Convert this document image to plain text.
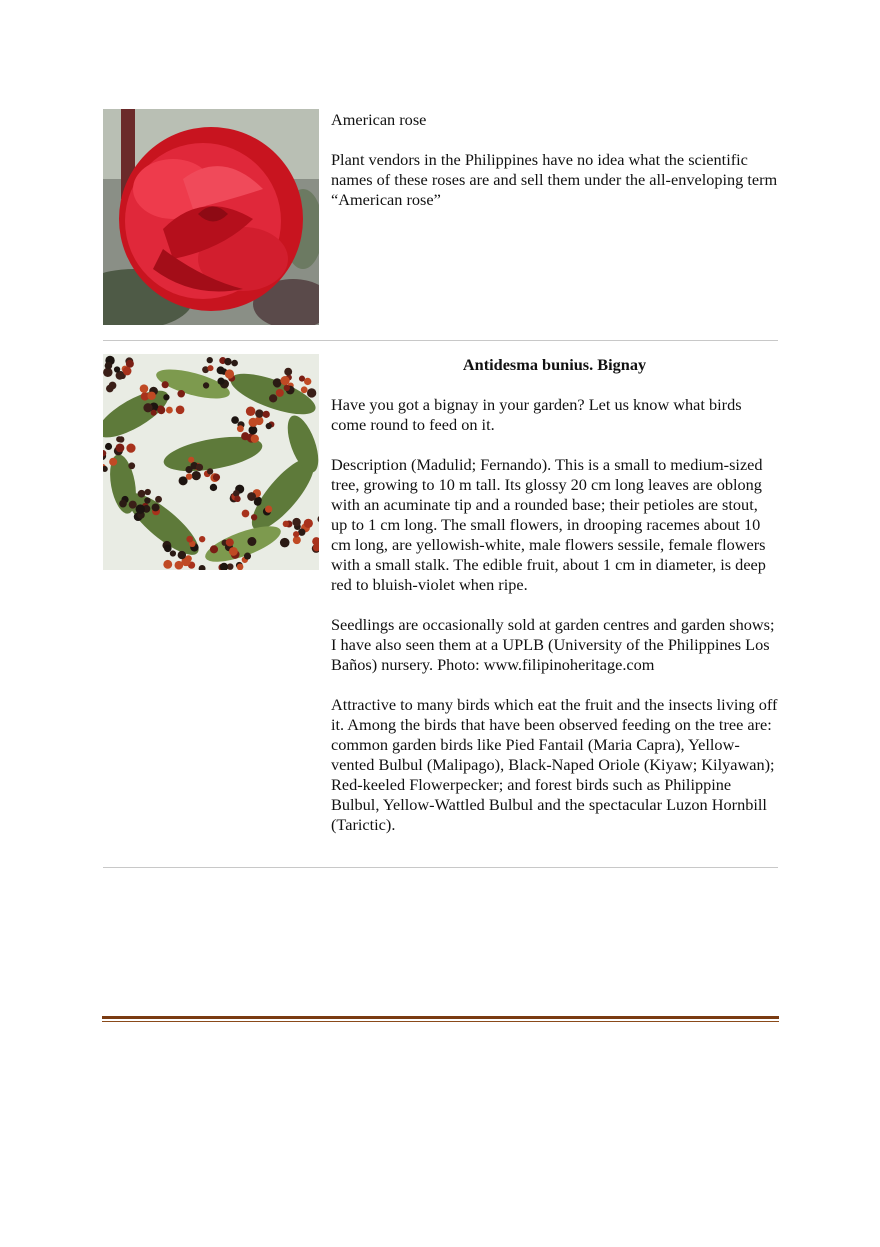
American rose

Plant vendors in the Philippines have no idea what the scientific names of these roses are and sell them under the all-enveloping term “American rose”

Antidesma bunius. Bignay

Have you got a bignay in your garden? Let us know what birds come round to feed on it.

Description (Madulid; Fernando). This is a small to medium-sized tree, growing to 10 m tall. Its glossy 20 cm long leaves are oblong with an acuminate tip and a rounded base; their petioles are stout, up to 1 cm long. The small flowers, in drooping racemes about 10 cm long, are yellowish-white, male flowers sessile, female flowers with a small stalk. The edible fruit, about 1 cm in diameter, is deep red to bluish-violet when ripe.

Seedlings are occasionally sold at garden centres and garden shows; I have also seen them at a UPLB (University of the Philippines Los Baños) nursery. Photo: www.filipinoheritage.com

Attractive to many birds which eat the fruit and the insects living off it. Among the birds that have been observed feeding on the tree are: common garden birds like Pied Fantail (Maria Capra), Yellow-vented Bulbul (Malipago), Black-Naped Oriole (Kiyaw; Kilyawan); Red-keeled Flowerpecker; and forest birds such as Philippine Bulbul, Yellow-Wattled Bulbul and the spectacular Luzon Hornbill (Tarictic).
